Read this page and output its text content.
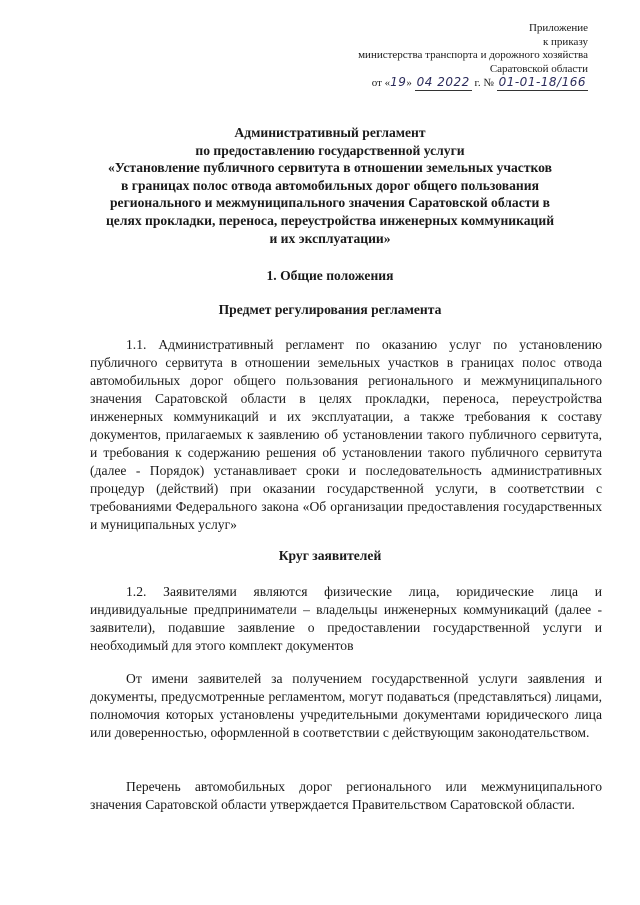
Приложение
к приказу
министерства транспорта и дорожного хозяйства
Саратовской области
от «19» 04 2022 г. № 01-01-18/166
Административный регламент
по предоставлению государственной услуги
«Установление публичного сервитута в отношении земельных участков
в границах полос отвода автомобильных дорог общего пользования
регионального и межмуниципального значения Саратовской области в
целях прокладки, переноса, переустройства инженерных коммуникаций
и их эксплуатации»
1. Общие положения
Предмет регулирования регламента
1.1. Административный регламент по оказанию услуг по установлению публичного сервитута в отношении земельных участков в границах полос отвода автомобильных дорог общего пользования регионального и межмуниципального значения Саратовской области в целях прокладки, переноса, переустройства инженерных коммуникаций и их эксплуатации, а также требования к составу документов, прилагаемых к заявлению об установлении такого публичного сервитута, и требования к содержанию решения об установлении такого публичного сервитута (далее - Порядок) устанавливает сроки и последовательность административных процедур (действий) при оказании государственной услуги, в соответствии с требованиями Федерального закона «Об организации предоставления государственных и муниципальных услуг»
Круг заявителей
1.2. Заявителями являются физические лица, юридические лица и индивидуальные предприниматели – владельцы инженерных коммуникаций (далее - заявители), подавшие заявление о предоставлении государственной услуги и необходимый для этого комплект документов
От имени заявителей за получением государственной услуги заявления и документы, предусмотренные регламентом, могут подаваться (представляться) лицами, полномочия которых установлены учредительными документами юридического лица или доверенностью, оформленной в соответствии с действующим законодательством.
Перечень автомобильных дорог регионального или межмуниципального значения Саратовской области утверждается Правительством Саратовской области.
